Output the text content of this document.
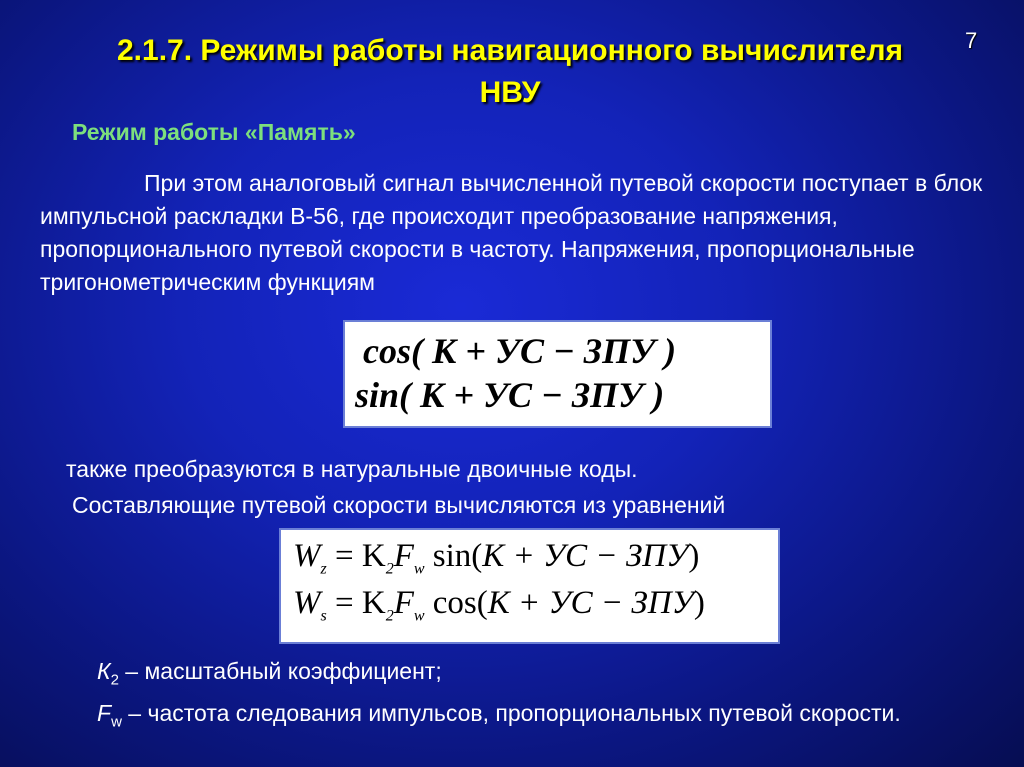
2.1.7. Режимы работы навигационного вычислителя
НВУ
7
Режим работы «Память»
При этом аналоговый сигнал вычисленной путевой скорости поступает в блок импульсной раскладки В-56, где происходит преобразование напряжения, пропорционального путевой скорости в частоту. Напряжения, пропорциональные тригонометрическим функциям
cos( К + УС − ЗПУ )
sin( К + УС − ЗПУ )
также преобразуются в натуральные двоичные коды.
Составляющие путевой скорости вычисляются из уравнений
$W_z = K_2F_w$ sin(К + УС − ЗПУ)
$W_s = K_2F_w$ cos(К + УС − ЗПУ)
$К_2$ – масштабный коэффициент;
$F_w$ – частота следования импульсов, пропорциональных путевой скорости.
